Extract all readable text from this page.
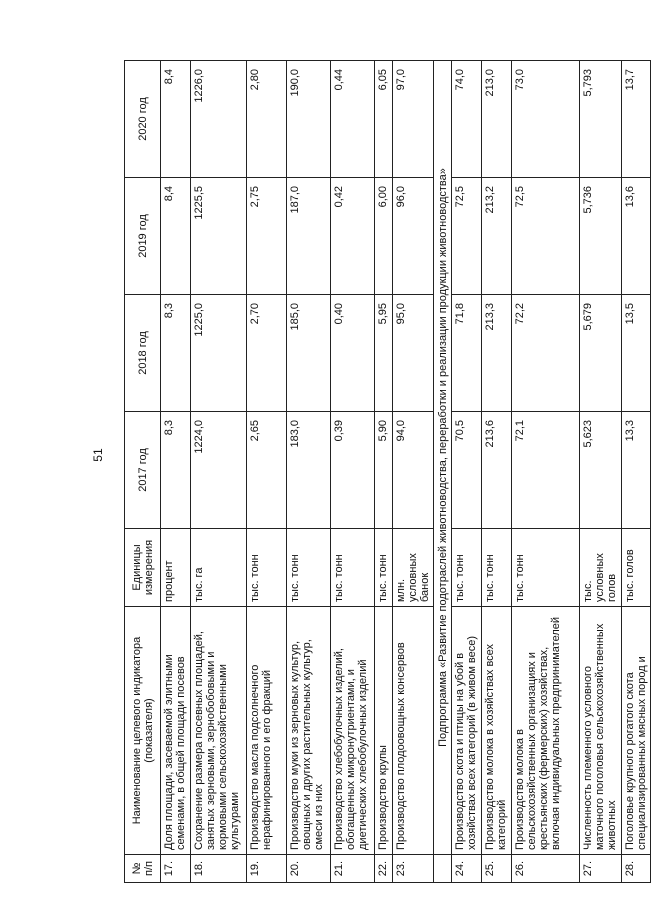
51
№ п/п	Наименование целевого индикатора (показателя)	Единицы измерения	2017 год	2018 год	2019 год	2020 год
17.	Доля площади, засеваемой элитными семенами, в общей площади посевов	процент	8,3	8,3	8,4	8,4
18.	Сохранение размера посевных площадей, занятых зерновыми, зернобобовыми и кормовыми сельскохозяйственными культурами	тыс. га	1224,0	1225,0	1225,5	1226,0
19.	Производство масла подсолнечного нерафинированного и его фракций	тыс. тонн	2,65	2,70	2,75	2,80
20.	Производство муки из зерновых культур, овощных и других растительных культур, смеси из них	тыс. тонн	183,0	185,0	187,0	190,0
21.	Производство хлебобулочных изделий, обогащенных микронутриентами, и диетических хлебобулочных изделий	тыс. тонн	0,39	0,40	0,42	0,44
22.	Производство крупы	тыс. тонн	5,90	5,95	6,00	6,05
23.	Производство плодоовощных консервов	млн. условных банок	94,0	95,0	96,0	97,0
	Подпрограмма «Развитие подотраслей животноводства, переработки и реализации продукции животноводства»					
24.	Производство скота и птицы на убой в хозяйствах всех категорий (в живом весе)	тыс. тонн	70,5	71,8	72,5	74,0
25.	Производство молока в хозяйствах всех категорий	тыс. тонн	213,6	213,3	213,2	213,0
26.	Производство молока в сельскохозяйственных организациях и крестьянских (фермерских) хозяйствах, включая индивидуальных предпринимателей	тыс. тонн	72,1	72,2	72,5	73,0
27.	Численность племенного условного маточного поголовья сельскохозяйственных животных	тыс. условных голов	5,623	5,679	5,736	5,793
28.	Поголовье крупного рогатого скота специализированных мясных пород и	тыс. голов	13,3	13,5	13,6	13,7
